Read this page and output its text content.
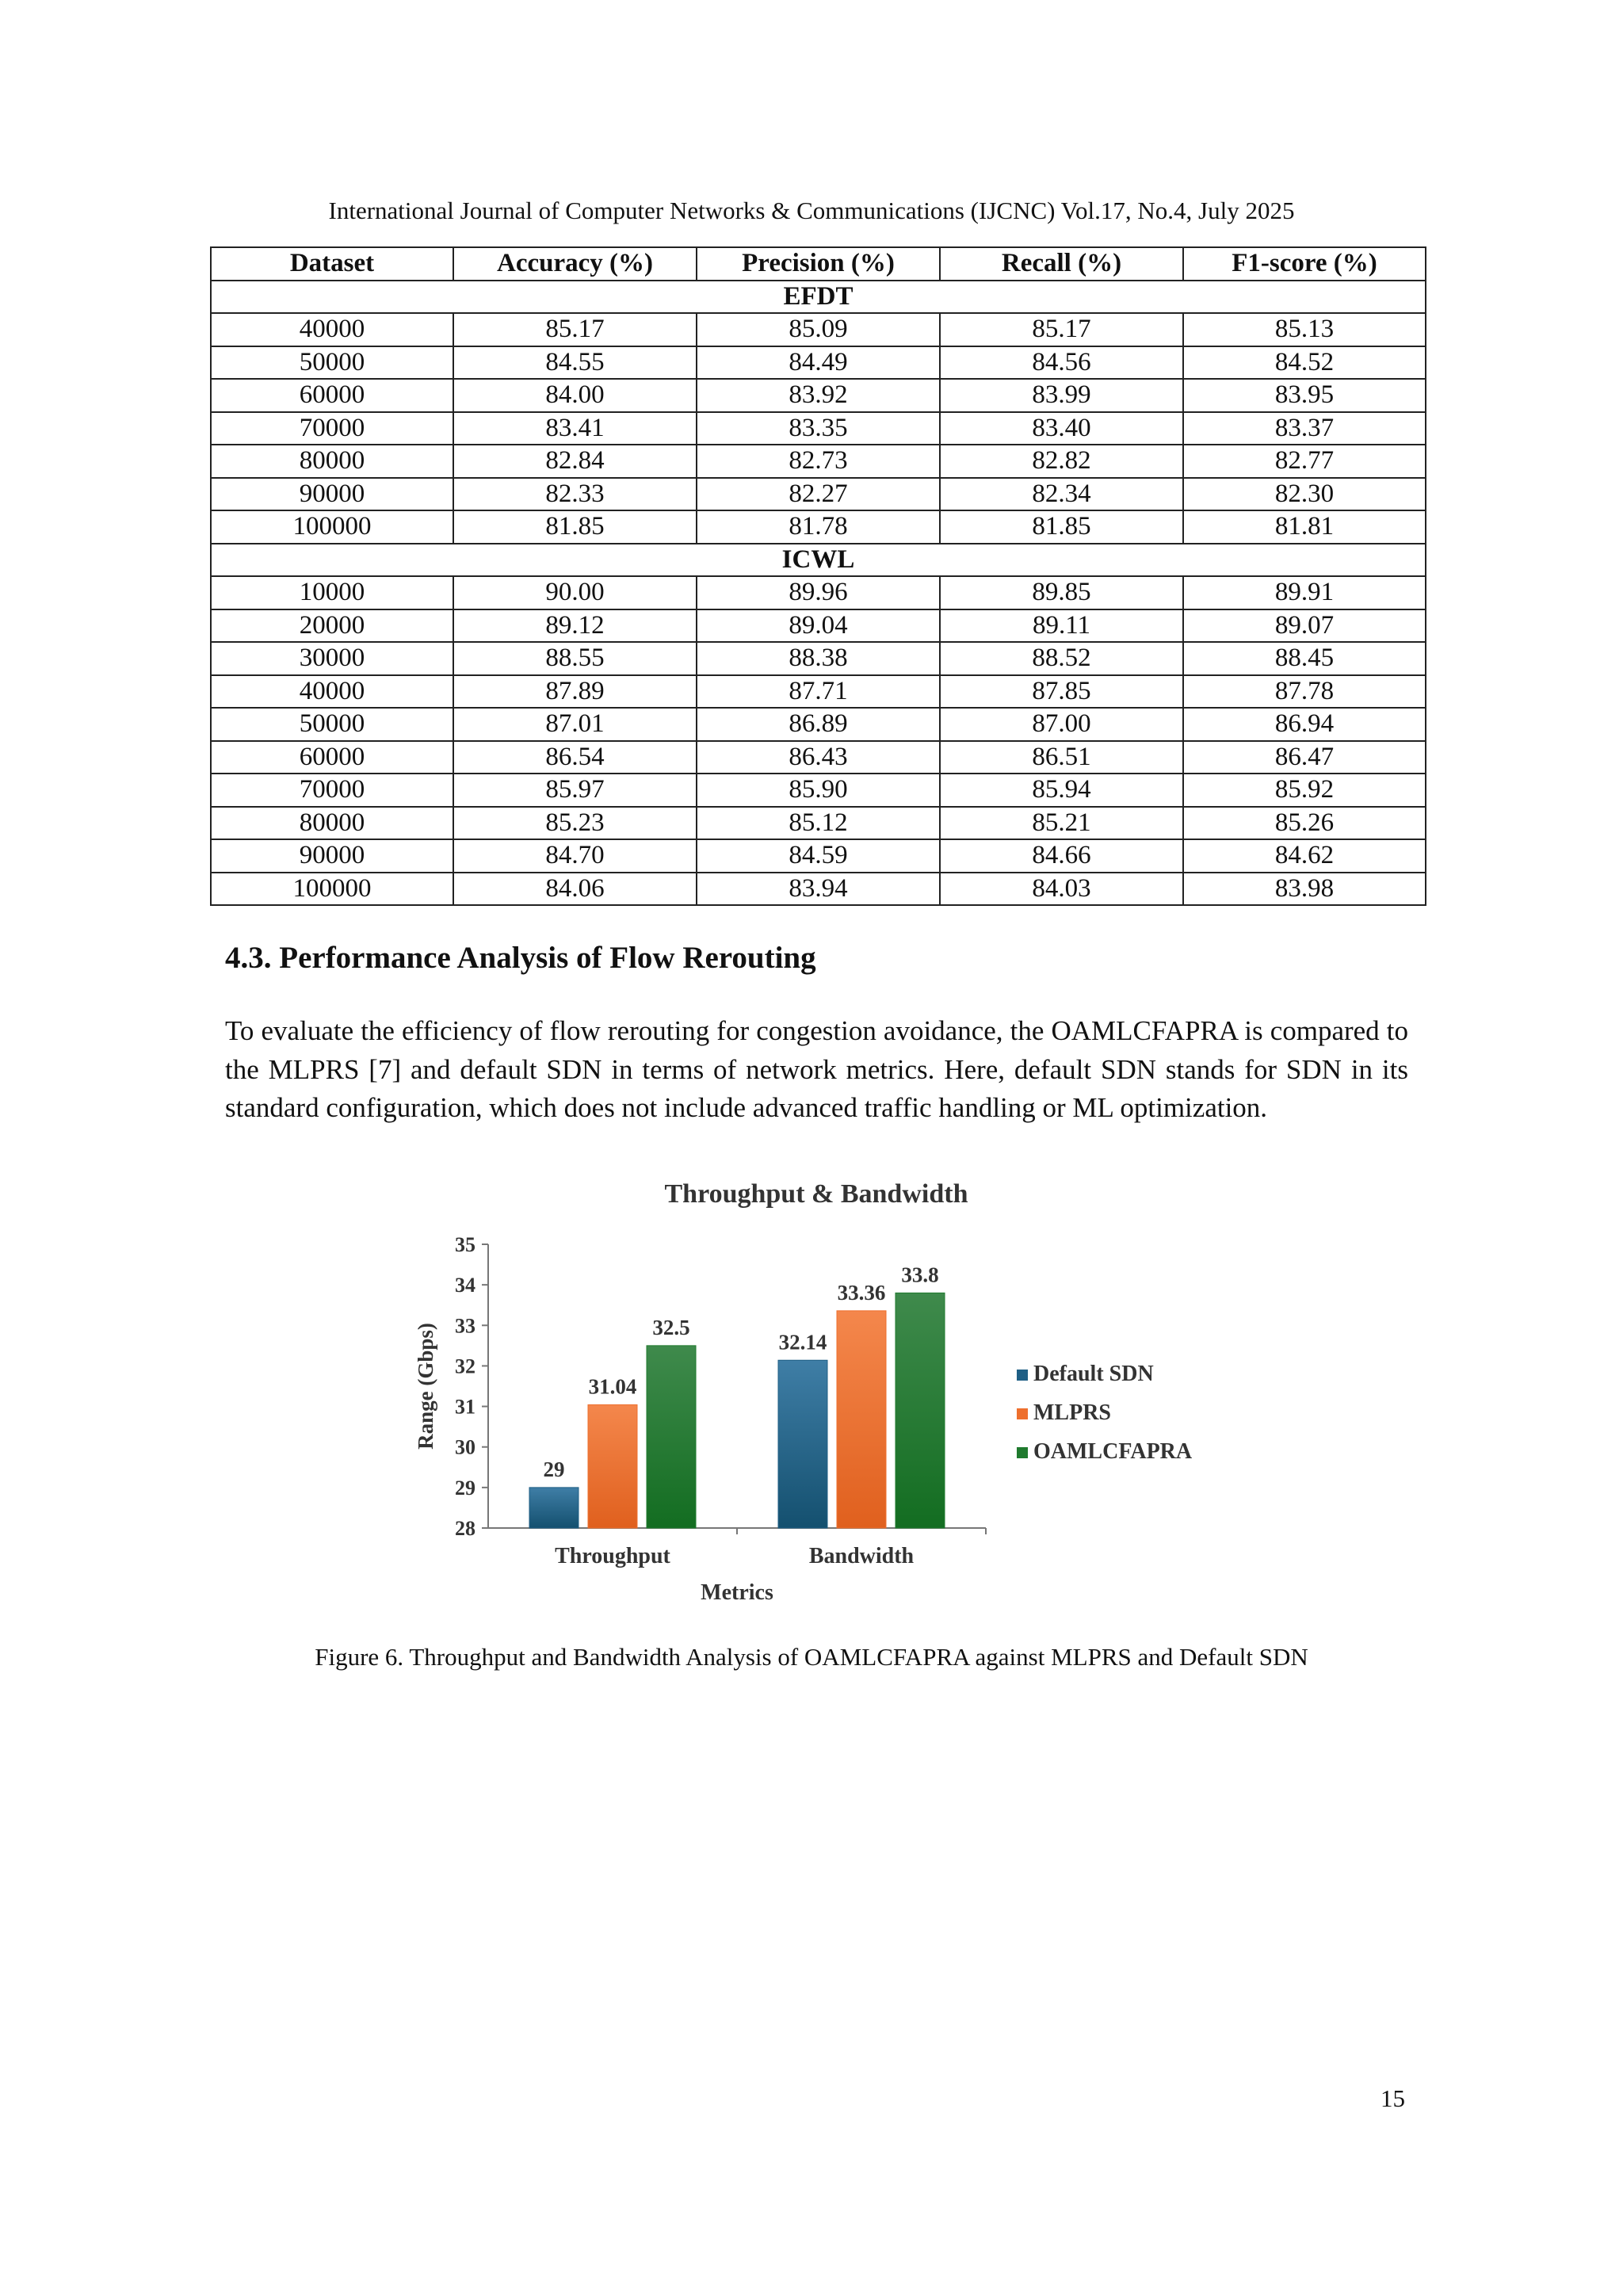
International Journal of Computer Networks & Communications (IJCNC) Vol.17, No.4, July 2025
Dataset	Accuracy (%)	Precision (%)	Recall (%)	F1-score (%)
EFDT				
40000	85.17	85.09	85.17	85.13
50000	84.55	84.49	84.56	84.52
60000	84.00	83.92	83.99	83.95
70000	83.41	83.35	83.40	83.37
80000	82.84	82.73	82.82	82.77
90000	82.33	82.27	82.34	82.30
100000	81.85	81.78	81.85	81.81
ICWL				
10000	90.00	89.96	89.85	89.91
20000	89.12	89.04	89.11	89.07
30000	88.55	88.38	88.52	88.45
40000	87.89	87.71	87.85	87.78
50000	87.01	86.89	87.00	86.94
60000	86.54	86.43	86.51	86.47
70000	85.97	85.90	85.94	85.92
80000	85.23	85.12	85.21	85.26
90000	84.70	84.59	84.66	84.62
100000	84.06	83.94	84.03	83.98
4.3. Performance Analysis of Flow Rerouting
To evaluate the efficiency of flow rerouting for congestion avoidance, the OAMLCFAPRA is compared to the MLPRS [7] and default SDN in terms of network metrics. Here, default SDN stands for SDN in its standard configuration, which does not include advanced traffic handling or ML optimization.
Throughput & Bandwidth
28
29
30
31
32
33
34
35
Range (Gbps)
29
31.04
32.5
Throughput
32.14
33.36
33.8
Bandwidth
Metrics
Default SDN
MLPRS
OAMLCFAPRA
Figure 6. Throughput and Bandwidth Analysis of OAMLCFAPRA against MLPRS and Default SDN
15
